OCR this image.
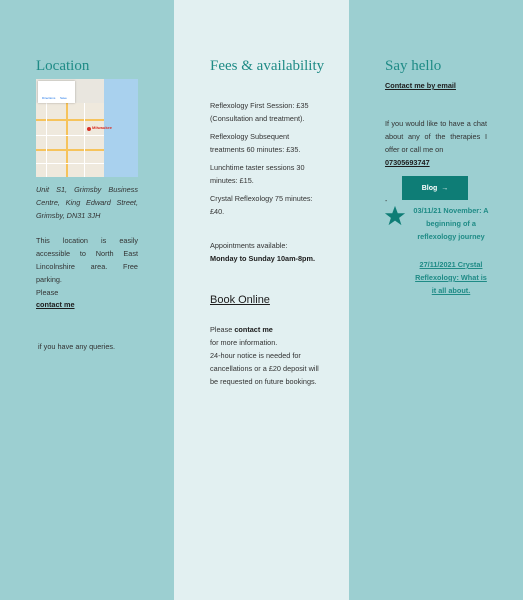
Location
Directions Save
Milwaukee

Unit S1, Grimsby Business Centre, King Edward Street, Grimsby, DN31 3JH

This location is easily accessible to North East Lincolnshire area. Free parking.
Please

contact me

if you have any queries.

Fees & availability

Reflexology First Session: £35 (Consultation and treatment).

Reflexology Subsequent treatments 60 minutes: £35.

Lunchtime taster sessions 30 minutes: £15.

Crystal Reflexology 75 minutes: £40.

Appointments available:
Monday to Sunday 10am-8pm.
Book Online
Please contact me
for more information.
24-hour notice is needed for cancellations or a £20 deposit will be requested on future bookings.
Say hello
Contact me by email

If you would like to have a chat about any of the therapies I offer or call me on

07305693747
Blog →
-
03/11/21 November: A beginning of a reflexology journey
27/11/2021 Crystal Reflexology: What is it all about.
